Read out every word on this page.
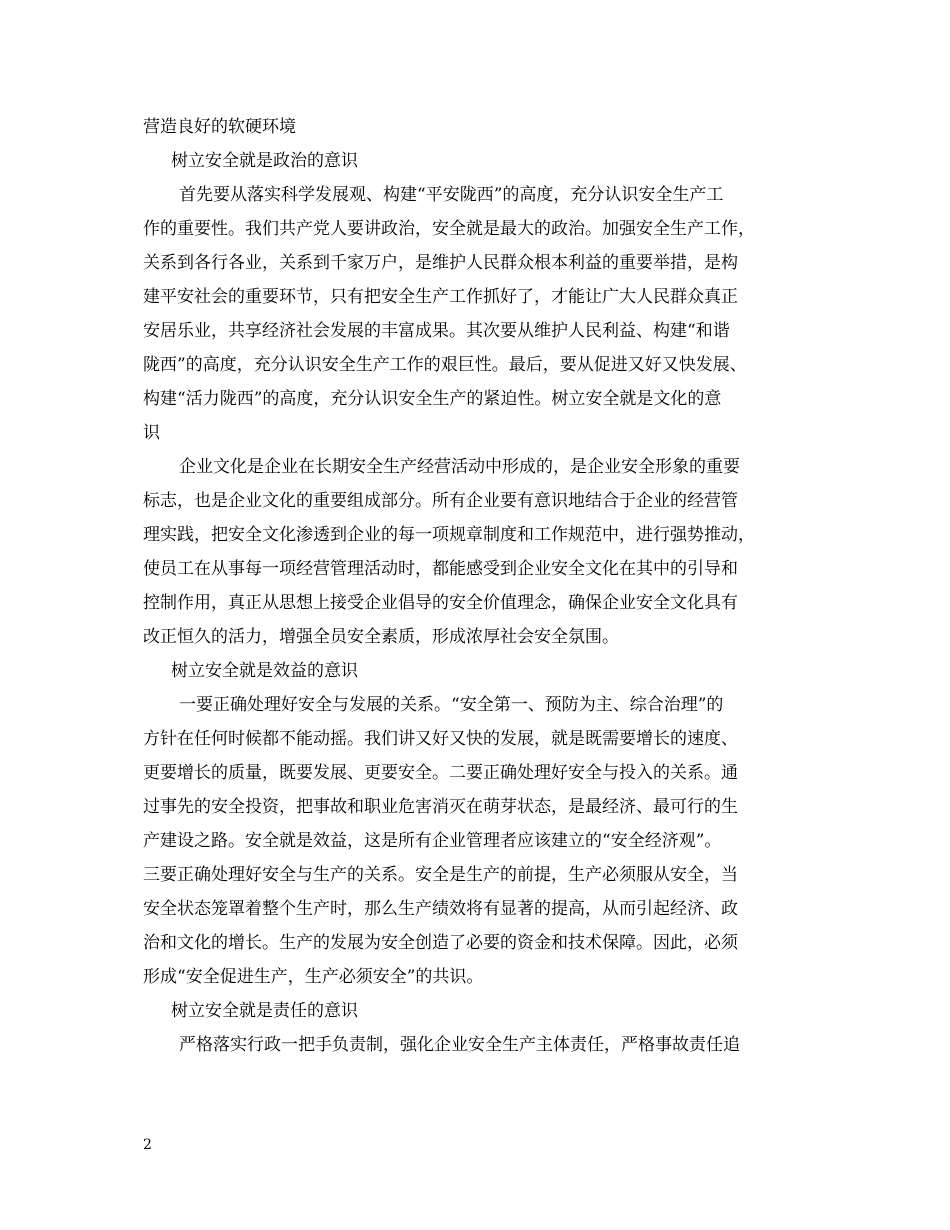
营造良好的软硬环境
树立安全就是政治的意识
首先要从落实科学发展观、构建“平安陇西”的高度，充分认识安全生产工
作的重要性。我们共产党人要讲政治，安全就是最大的政治。加强安全生产工作，
关系到各行各业，关系到千家万户，是维护人民群众根本利益的重要举措，是构
建平安社会的重要环节，只有把安全生产工作抓好了，才能让广大人民群众真正
安居乐业，共享经济社会发展的丰富成果。其次要从维护人民利益、构建“和谐
陇西”的高度，充分认识安全生产工作的艰巨性。最后，要从促进又好又快发展、
构建“活力陇西”的高度，充分认识安全生产的紧迫性。树立安全就是文化的意
识
企业文化是企业在长期安全生产经营活动中形成的，是企业安全形象的重要
标志，也是企业文化的重要组成部分。所有企业要有意识地结合于企业的经营管
理实践，把安全文化渗透到企业的每一项规章制度和工作规范中，进行强势推动，
使员工在从事每一项经营管理活动时，都能感受到企业安全文化在其中的引导和
控制作用，真正从思想上接受企业倡导的安全价值理念，确保企业安全文化具有
改正恒久的活力，增强全员安全素质，形成浓厚社会安全氛围。
树立安全就是效益的意识
一要正确处理好安全与发展的关系。“安全第一、预防为主、综合治理”的
方针在任何时候都不能动摇。我们讲又好又快的发展，就是既需要增长的速度、
更要增长的质量，既要发展、更要安全。二要正确处理好安全与投入的关系。通
过事先的安全投资，把事故和职业危害消灭在萌芽状态，是最经济、最可行的生
产建设之路。安全就是效益，这是所有企业管理者应该建立的“安全经济观”。
三要正确处理好安全与生产的关系。安全是生产的前提，生产必须服从安全，当
安全状态笼罩着整个生产时，那么生产绩效将有显著的提高，从而引起经济、政
治和文化的增长。生产的发展为安全创造了必要的资金和技术保障。因此，必须
形成“安全促进生产，生产必须安全”的共识。
树立安全就是责任的意识
严格落实行政一把手负责制，强化企业安全生产主体责任，严格事故责任追
2
